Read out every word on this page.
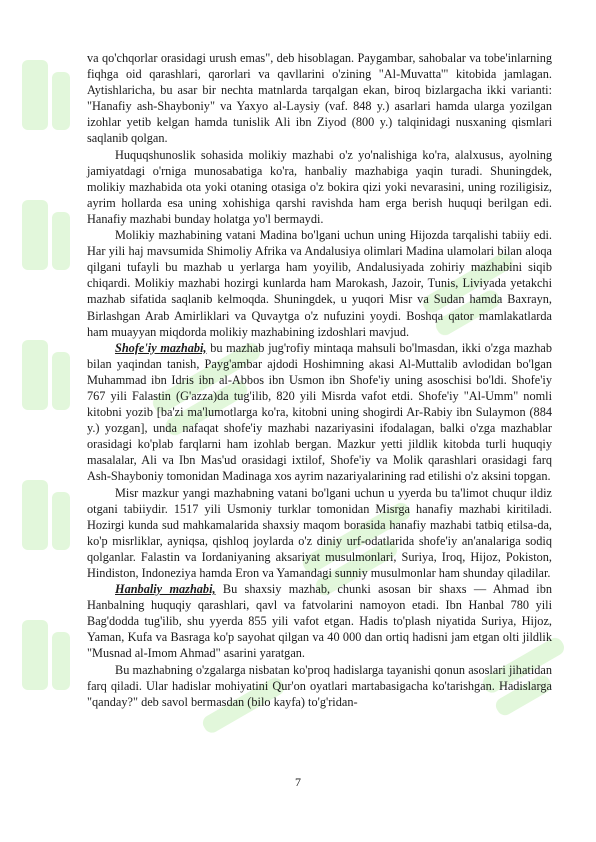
va qo'chqorlar orasidagi urush emas", deb hisoblagan. Paygambar, sahobalar va tobe'inlarning fiqhga oid qarashlari, qarorlari va qavllarini o'zining "Al-Muvatta'" kitobida jamlagan. Aytishlaricha, bu asar bir nechta matnlarda tarqalgan ekan, biroq bizlargacha ikki varianti: "Hanafiy ash-Shayboniy" va Yaxyo al-Laysiy (vaf. 848 y.) asarlari hamda ularga yozilgan izohlar yetib kelgan hamda tunislik Ali ibn Ziyod (800 y.) talqinidagi nusxaning qismlari saqlanib qolgan.

Huquqshunoslik sohasida molikiy mazhabi o'z yo'nalishiga ko'ra, alalxusus, ayolning jamiyatdagi o'rniga munosabatiga ko'ra, hanbaliy mazhabiga yaqin turadi. Shuningdek, molikiy mazhabida ota yoki otaning otasiga o'z bokira qizi yoki nevarasini, uning roziligisiz, ayrim hollarda esa uning xohishiga qarshi ravishda ham erga berish huquqi berilgan edi. Hanafiy mazhabi bunday holatga yo'l bermaydi.

Molikiy mazhabining vatani Madina bo'lgani uchun uning Hijozda tarqalishi tabiiy edi. Har yili haj mavsumida Shimoliy Afrika va Andalusiya olimlari Madina ulamolari bilan aloqa qilgani tufayli bu mazhab u yerlarga ham yoyilib, Andalusiyada zohiriy mazhabini siqib chiqardi. Molikiy mazhabi hozirgi kunlarda ham Marokash, Jazoir, Tunis, Liviyada yetakchi mazhab sifatida saqlanib kelmoqda. Shuningdek, u yuqori Misr va Sudan hamda Baxrayn, Birlashgan Arab Amirliklari va Quvaytga o'z nufuzini yoydi. Boshqa qator mamlakatlarda ham muayyan miqdorda molikiy mazhabining izdoshlari mavjud.

Shofe'iy mazhabi, bu mazhab jug'rofiy mintaqa mahsuli bo'lmasdan, ikki o'zga mazhab bilan yaqindan tanish, Payg'ambar ajdodi Hoshimning akasi Al-Muttalib avlodidan bo'lgan Muhammad ibn Idris ibn al-Abbos ibn Usmon ibn Shofe'iy uning asoschisi bo'ldi. Shofe'iy 767 yili Falastin (G'azza)da tug'ilib, 820 yili Misrda vafot etdi. Shofe'iy "Al-Umm" nomli kitobni yozib [ba'zi ma'lumotlarga ko'ra, kitobni uning shogirdi Ar-Rabiy ibn Sulaymon (884 y.) yozgan], unda nafaqat shofe'iy mazhabi nazariyasini ifodalagan, balki o'zga mazhablar orasidagi ko'plab farqlarni ham izohlab bergan. Mazkur yetti jildlik kitobda turli huquqiy masalalar, Ali va Ibn Mas'ud orasidagi ixtilof, Shofe'iy va Molik qarashlari orasidagi farq Ash-Shayboniy tomonidan Madinaga xos ayrim nazariyalarining rad etilishi o'z aksini topgan.

Misr mazkur yangi mazhabning vatani bo'lgani uchun u yyerda bu ta'limot chuqur ildiz otgani tabiiydir. 1517 yili Usmoniy turklar tomonidan Misrga hanafiy mazhabi kiritiladi. Hozirgi kunda sud mahkamalarida shaxsiy maqom borasida hanafiy mazhabi tatbiq etilsa-da, ko'p misrliklar, ayniqsa, qishloq joylarda o'z diniy urf-odatlarida shofe'iy an'analariga sodiq qolganlar. Falastin va Iordaniyaning aksariyat musulmonlari, Suriya, Iroq, Hijoz, Pokiston, Hindiston, Indoneziya hamda Eron va Yamandagi sunniy musulmonlar ham shunday qiladilar.

Hanbaliy mazhabi, Bu shaxsiy mazhab, chunki asosan bir shaxs — Ahmad ibn Hanbalning huquqiy qarashlari, qavl va fatvolarini namoyon etadi. Ibn Hanbal 780 yili Bag'dodda tug'ilib, shu yyerda 855 yili vafot etgan. Hadis to'plash niyatida Suriya, Hijoz, Yaman, Kufa va Basraga ko'p sayohat qilgan va 40 000 dan ortiq hadisni jam etgan olti jildlik "Musnad al-Imom Ahmad" asarini yaratgan.

Bu mazhabning o'zgalarga nisbatan ko'proq hadislarga tayanishi qonun asoslari jihatidan farq qiladi. Ular hadislar mohiyatini Qur'on oyatlari martabasigacha ko'tarishgan. Hadislarga "qanday?" deb savol bermasdan (bilo kayfa) to'g'ridan-

7
